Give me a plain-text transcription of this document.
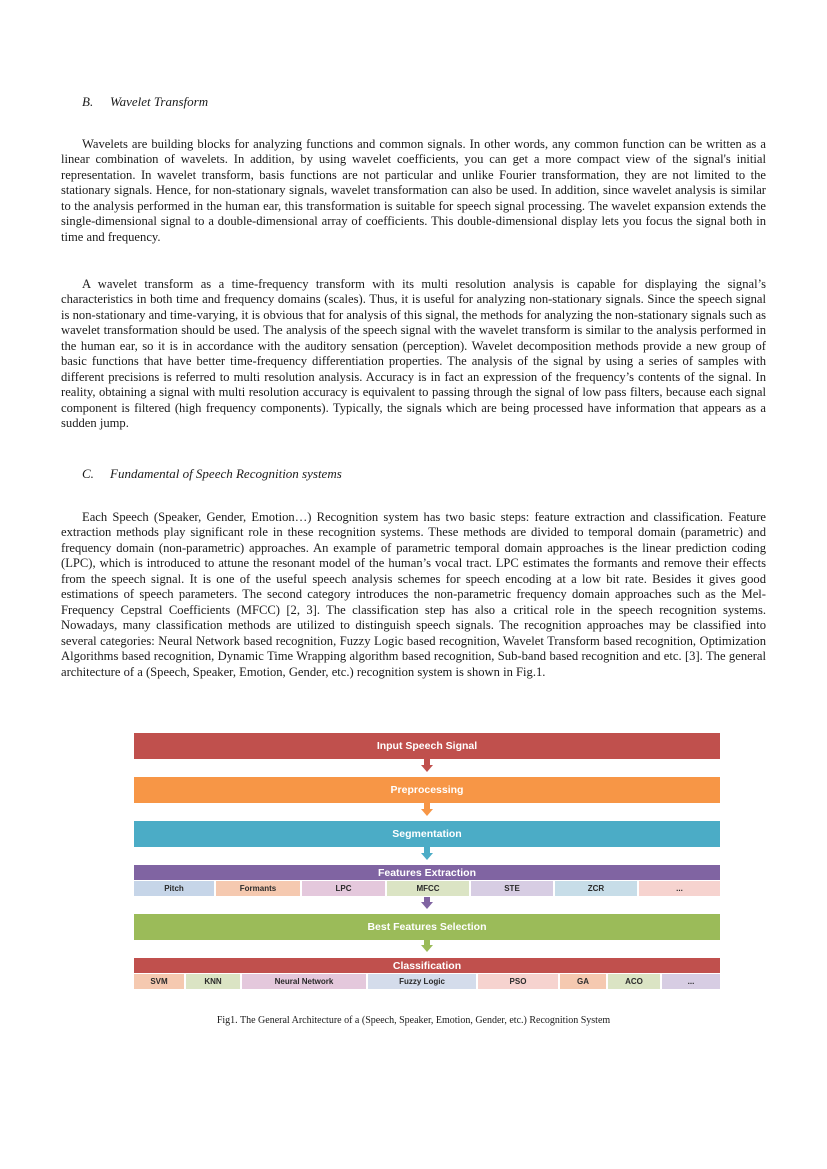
B. Wavelet Transform

Wavelets are building blocks for analyzing functions and common signals. In other words, any common function can be written as a linear combination of wavelets. In addition, by using wavelet coefficients, you can get a more compact view of the signal's initial representation. In wavelet transform, basis functions are not particular and unlike Fourier transformation, they are not limited to the stationary signals. Hence, for non-stationary signals, wavelet transformation can also be used. In addition, since wavelet analysis is similar to the analysis performed in the human ear, this transformation is suitable for speech signal processing. The wavelet expansion extends the single-dimensional signal to a double-dimensional array of coefficients. This double-dimensional display lets you focus the signal both in time and frequency.

A wavelet transform as a time-frequency transform with its multi resolution analysis is capable for displaying the signal’s characteristics in both time and frequency domains (scales). Thus, it is useful for analyzing non-stationary signals. Since the speech signal is non-stationary and time-varying, it is obvious that for analysis of this signal, the methods for analyzing the non-stationary signals such as wavelet transformation should be used. The analysis of the speech signal with the wavelet transform is similar to the analysis performed in the human ear, so it is in accordance with the auditory sensation (perception). Wavelet decomposition methods provide a new group of basic functions that have better time-frequency differentiation properties. The analysis of the signal by using a series of samples with different precisions is referred to multi resolution analysis. Accuracy is in fact an expression of the frequency’s contents of the signal. In reality, obtaining a signal with multi resolution accuracy is equivalent to passing through the signal of low pass filters, because each signal component is filtered (high frequency components). Typically, the signals which are being processed have information that appears as a sudden jump.

C. Fundamental of Speech Recognition systems

Each Speech (Speaker, Gender, Emotion…) Recognition system has two basic steps: feature extraction and classification. Feature extraction methods play significant role in these recognition systems. These methods are divided to temporal domain (parametric) and frequency domain (non-parametric) approaches. An example of parametric temporal domain approaches is the linear prediction coding (LPC), which is introduced to attune the resonant model of the human’s vocal tract. LPC estimates the formants and remove their effects from the speech signal. It is one of the useful speech analysis schemes for speech encoding at a low bit rate. Besides it gives good estimations of speech parameters. The second category introduces the non-parametric frequency domain approaches such as the Mel-Frequency Cepstral Coefficients (MFCC) [2, 3]. The classification step has also a critical role in the speech recognition systems. Nowadays, many classification methods are utilized to distinguish speech signals. The recognition approaches may be classified into several categories: Neural Network based recognition, Fuzzy Logic based recognition, Wavelet Transform based recognition, Optimization Algorithms based recognition, Dynamic Time Wrapping algorithm based recognition, Sub-band based recognition and etc. [3]. The general architecture of a (Speech, Speaker, Emotion, Gender, etc.) recognition system is shown in Fig.1.

Input Speech Signal
Preprocessing
Segmentation
Features Extraction
Pitch	Formants	LPC	MFCC	STE	ZCR	...
Best Features Selection
Classification
SVM	KNN	Neural Network	Fuzzy Logic	PSO	GA	ACO	...

Fig1. The General Architecture of a (Speech, Speaker, Emotion, Gender, etc.) Recognition System
